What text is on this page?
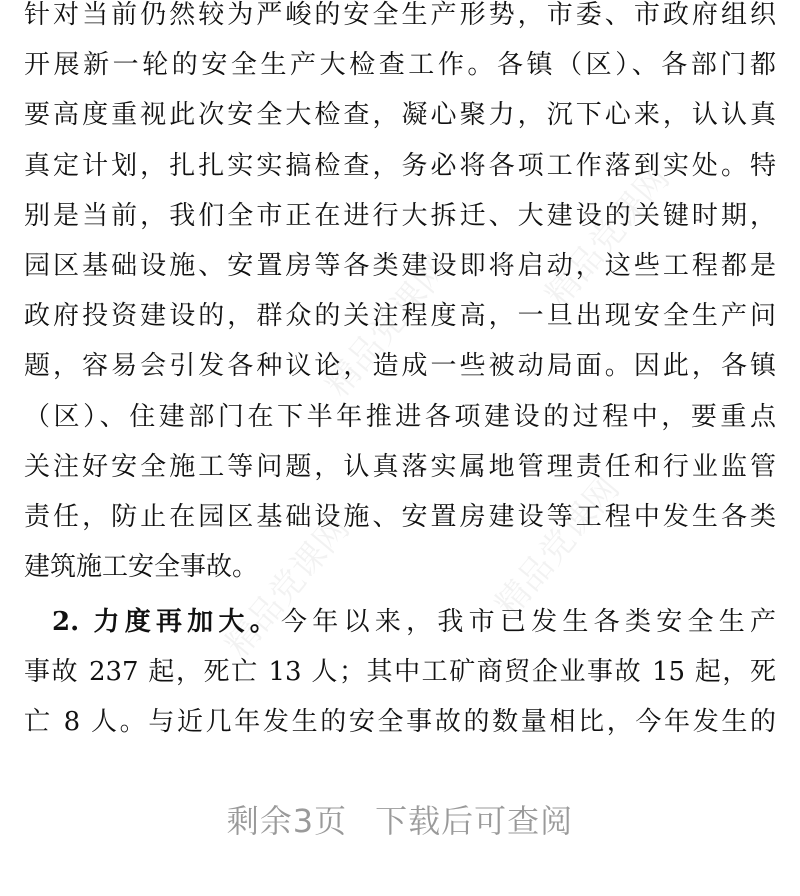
精品党课网
精品党课网
精品党课网	精品党课网
针对当前仍然较为严峻的安全生产形势，市委、市政府组织
开展新一轮的安全生产大检查工作。各镇（区）、各部门都
要高度重视此次安全大检查，凝心聚力，沉下心来，认认真
真定计划，扎扎实实搞检查，务必将各项工作落到实处。特
别是当前，我们全市正在进行大拆迁、大建设的关键时期，
园区基础设施、安置房等各类建设即将启动，这些工程都是
政府投资建设的，群众的关注程度高，一旦出现安全生产问
题，容易会引发各种议论，造成一些被动局面。因此，各镇
（区）、住建部门在下半年推进各项建设的过程中，要重点
关注好安全施工等问题，认真落实属地管理责任和行业监管
责任，防止在园区基础设施、安置房建设等工程中发生各类
建筑施工安全事故。
2. 力度再加大。今年以来，我市已发生各类安全生产
事故 237 起，死亡 13 人；其中工矿商贸企业事故 15 起，死
亡 8 人。与近几年发生的安全事故的数量相比，今年发生的
剩余3页 下载后可查阅
